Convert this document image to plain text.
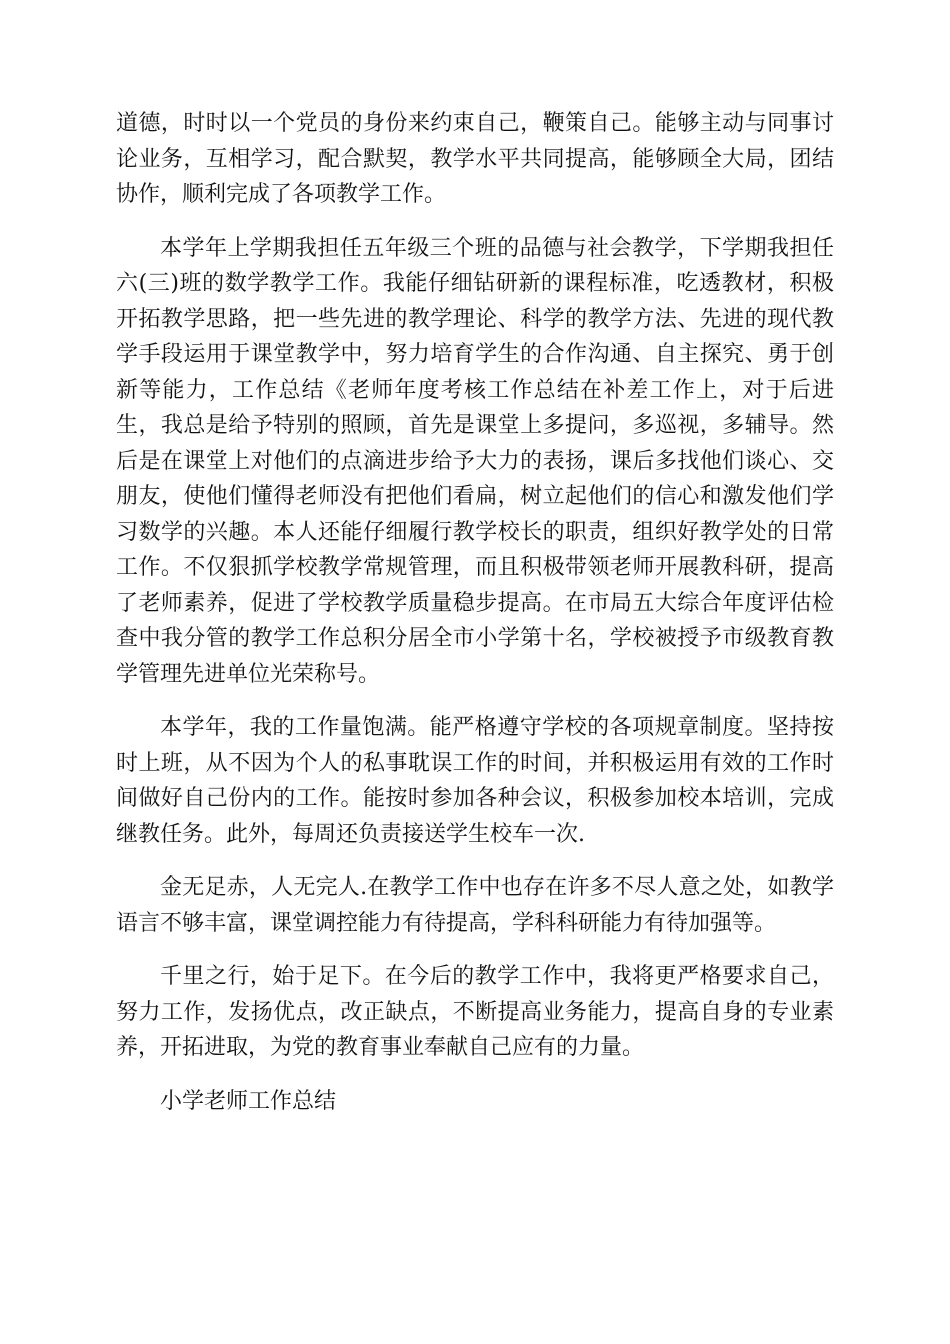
道德，时时以一个党员的身份来约束自己，鞭策自己。能够主动与同事讨论业务，互相学习，配合默契，教学水平共同提高，能够顾全大局，团结协作，顺利完成了各项教学工作。

本学年上学期我担任五年级三个班的品德与社会教学，下学期我担任六(三)班的数学教学工作。我能仔细钻研新的课程标准，吃透教材，积极开拓教学思路，把一些先进的教学理论、科学的教学方法、先进的现代教学手段运用于课堂教学中，努力培育学生的合作沟通、自主探究、勇于创新等能力，工作总结《老师年度考核工作总结在补差工作上，对于后进生，我总是给予特别的照顾，首先是课堂上多提问，多巡视，多辅导。然后是在课堂上对他们的点滴进步给予大力的表扬，课后多找他们谈心、交朋友，使他们懂得老师没有把他们看扁，树立起他们的信心和激发他们学习数学的兴趣。本人还能仔细履行教学校长的职责，组织好教学处的日常工作。不仅狠抓学校教学常规管理，而且积极带领老师开展教科研，提高了老师素养，促进了学校教学质量稳步提高。在市局五大综合年度评估检查中我分管的教学工作总积分居全市小学第十名，学校被授予市级教育教学管理先进单位光荣称号。

本学年，我的工作量饱满。能严格遵守学校的各项规章制度。坚持按时上班，从不因为个人的私事耽误工作的时间，并积极运用有效的工作时间做好自己份内的工作。能按时参加各种会议，积极参加校本培训，完成继教任务。此外，每周还负责接送学生校车一次.

金无足赤，人无完人.在教学工作中也存在许多不尽人意之处，如教学语言不够丰富，课堂调控能力有待提高，学科科研能力有待加强等。

千里之行，始于足下。在今后的教学工作中，我将更严格要求自己，努力工作，发扬优点，改正缺点，不断提高业务能力，提高自身的专业素养，开拓进取，为党的教育事业奉献自己应有的力量。

小学老师工作总结
